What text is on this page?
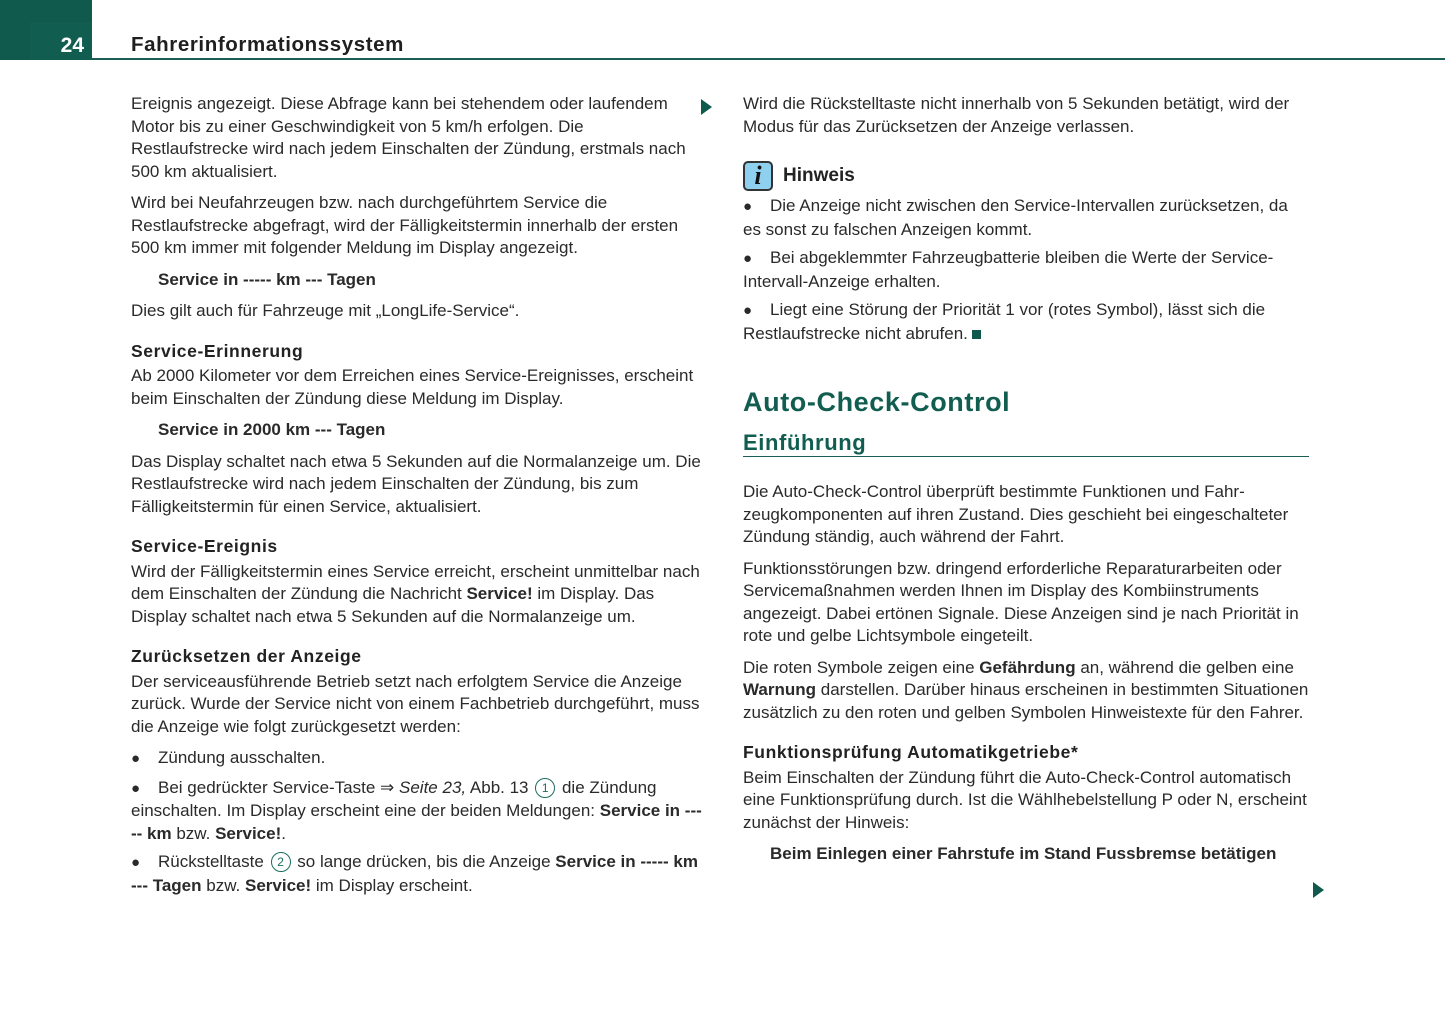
24 Fahrerinformationssystem

Ereignis angezeigt. Diese Abfrage kann bei stehendem oder laufendem Motor bis zu einer Geschwindigkeit von 5 km/h erfolgen. Die Restlaufstrecke wird nach jedem Einschalten der Zündung, erstmals nach 500 km aktualisiert.

Wird bei Neufahrzeugen bzw. nach durchgeführtem Service die Restlaufstrecke abgefragt, wird der Fälligkeitstermin innerhalb der ersten 500 km immer mit folgender Meldung im Display angezeigt.

Service in ----- km --- Tagen

Dies gilt auch für Fahrzeuge mit „LongLife-Service“.

Service-Erinnerung

Ab 2000 Kilometer vor dem Erreichen eines Service-Ereignisses, erscheint beim Einschalten der Zündung diese Meldung im Display.

Service in 2000 km --- Tagen

Das Display schaltet nach etwa 5 Sekunden auf die Normalanzeige um. Die Restlaufstrecke wird nach jedem Einschalten der Zündung, bis zum Fälligkeitstermin für einen Service, aktualisiert.

Service-Ereignis

Wird der Fälligkeitstermin eines Service erreicht, erscheint unmittelbar nach dem Einschalten der Zündung die Nachricht Service! im Display. Das Display schaltet nach etwa 5 Sekunden auf die Normalanzeige um.

Zurücksetzen der Anzeige

Der serviceausführende Betrieb setzt nach erfolgtem Service die Anzeige zurück. Wurde der Service nicht von einem Fachbetrieb durchgeführt, muss die Anzeige wie folgt zurückgesetzt werden:

● Zündung ausschalten.
● Bei gedrückter Service-Taste ⇒ Seite 23, Abb. 13 1 die Zündung einschalten. Im Display erscheint eine der beiden Meldungen: Service in ----- km bzw. Service!.
● Rückstelltaste 2 so lange drücken, bis die Anzeige Service in ----- km --- Tagen bzw. Service! im Display erscheint.

Wird die Rückstelltaste nicht innerhalb von 5 Sekunden betätigt, wird der Modus für das Zurücksetzen der Anzeige verlassen.

i	Hinweis
● Die Anzeige nicht zwischen den Service-Intervallen zurücksetzen, da es sonst zu falschen Anzeigen kommt.
● Bei abgeklemmter Fahrzeugbatterie bleiben die Werte der Service-Intervall-Anzeige erhalten.
● Liegt eine Störung der Priorität 1 vor (rotes Symbol), lässt sich die Restlaufstrecke nicht abrufen.
Auto-Check-Control
Einführung

Die Auto-Check-Control überprüft bestimmte Funktionen und Fahrzeugkomponenten auf ihren Zustand. Dies geschieht bei eingeschalteter Zündung ständig, auch während der Fahrt.

Funktionsstörungen bzw. dringend erforderliche Reparaturarbeiten oder Servicemaßnahmen werden Ihnen im Display des Kombiinstruments angezeigt. Dabei ertönen Signale. Diese Anzeigen sind je nach Priorität in rote und gelbe Lichtsymbole eingeteilt.

Die roten Symbole zeigen eine Gefährdung an, während die gelben eine Warnung darstellen. Darüber hinaus erscheinen in bestimmten Situationen zusätzlich zu den roten und gelben Symbolen Hinweistexte für den Fahrer.

Funktionsprüfung Automatikgetriebe*

Beim Einschalten der Zündung führt die Auto-Check-Control automatisch eine Funktionsprüfung durch. Ist die Wählhebelstellung P oder N, erscheint zunächst der Hinweis:

Beim Einlegen einer Fahrstufe im Stand Fussbremse betätigen
